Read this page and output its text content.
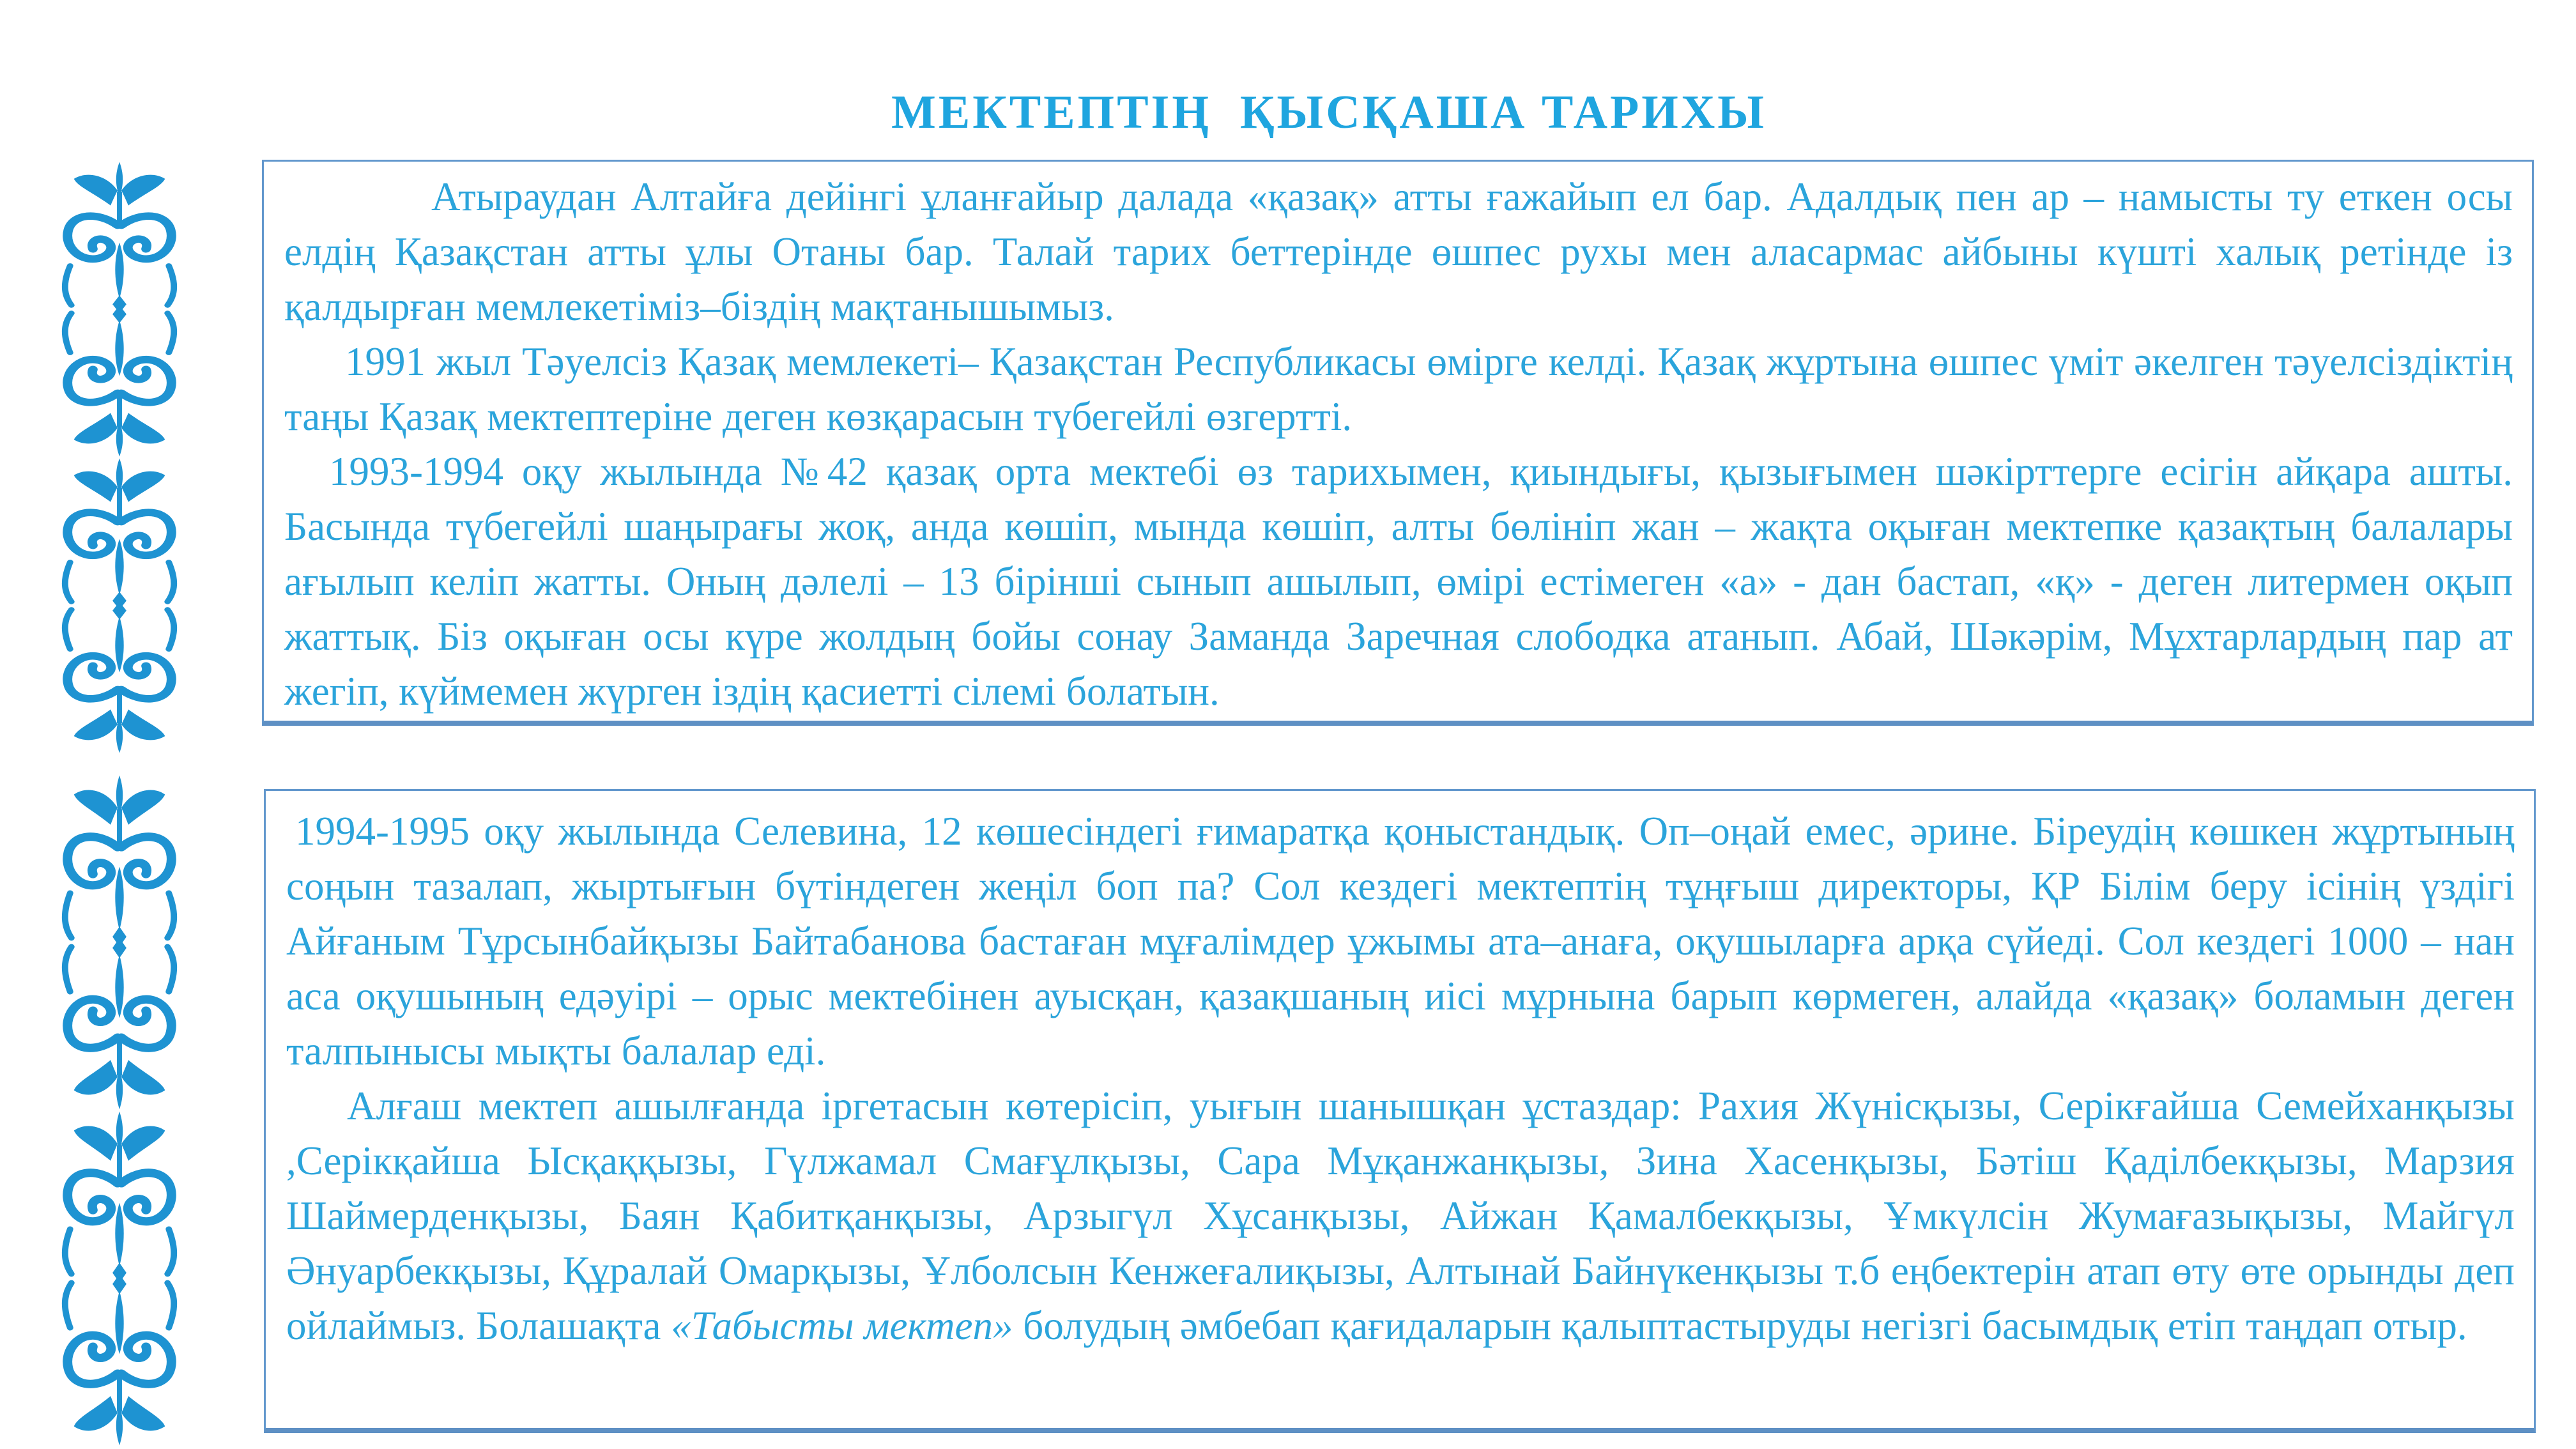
МЕКТЕПТІҢ  ҚЫСҚАША ТАРИХЫ

Атыраудан Алтайға дейінгі ұланғайыр далада «қазақ» атты ғажайып ел бар. Адалдық пен ар – намысты ту еткен осы елдің Қазақстан атты ұлы Отаны бар. Талай тарих беттерінде өшпес рухы мен аласармас айбыны күшті халық ретінде із қалдырған мемлекетіміз–біздің мақтанышымыз.

1991 жыл Тәуелсіз Қазақ мемлекеті– Қазақстан Республикасы өмірге келді. Қазақ жұртына өшпес үміт әкелген тәуелсіздіктің таңы Қазақ мектептеріне деген көзқарасын түбегейлі өзгертті.

1993-1994 оқу жылында №42 қазақ орта мектебі өз тарихымен, қиындығы, қызығымен шәкірттерге есігін айқара ашты. Басында түбегейлі шаңырағы жоқ, анда көшіп, мында көшіп, алты бөлініп жан – жақта оқыған мектепке қазақтың балалары ағылып келіп жатты. Оның дәлелі – 13 бірінші сынып ашылып, өмірі естімеген «а» - дан бастап, «қ» - деген литермен оқып жаттық. Біз оқыған осы күре жолдың бойы сонау Заманда Заречная слободка атанып. Абай, Шәкәрім, Мұхтарлардың пар ат жегіп, күймемен жүрген іздің қасиетті сілемі болатын.

1994-1995 оқу жылында Селевина, 12 көшесіндегі ғимаратқа қоныстандық. Оп–оңай емес, әрине. Біреудің көшкен жұртының соңын тазалап, жыртығын бүтіндеген жеңіл боп па? Сол кездегі мектептің тұңғыш директоры, ҚР Білім беру ісінің үздігі Айғаным Тұрсынбайқызы Байтабанова бастаған мұғалімдер ұжымы ата–анаға, оқушыларға арқа сүйеді. Сол кездегі 1000 – нан аса оқушының едәуірі – орыс мектебінен ауысқан, қазақшаның иісі мұрнына барып көрмеген, алайда «қазақ» боламын деген талпынысы мықты балалар еді.

Алғаш мектеп ашылғанда іргетасын көтерісіп, уығын шанышқан ұстаздар: Рахия Жүнісқызы, Серікғайша Семейханқызы ,Серікқайша Ысқаққызы, Гүлжамал Смағұлқызы, Сара Мұқанжанқызы, Зина Хасенқызы, Бәтіш Қаділбекқызы, Марзия Шаймерденқызы, Баян Қабитқанқызы, Арзыгүл Хұсанқызы, Айжан Қамалбекқызы, Ұмкүлсін Жумағазықызы, Майгүл Әнуарбекқызы, Құралай Омарқызы, Ұлболсын Кенжеғалиқызы, Алтынай Байнүкенқызы т.б еңбектерін атап өту өте орынды деп ойлаймыз. Болашақта «Табысты мектеп» болудың әмбебап қағидаларын қалыптастыруды негізгі басымдық етіп таңдап отыр.
